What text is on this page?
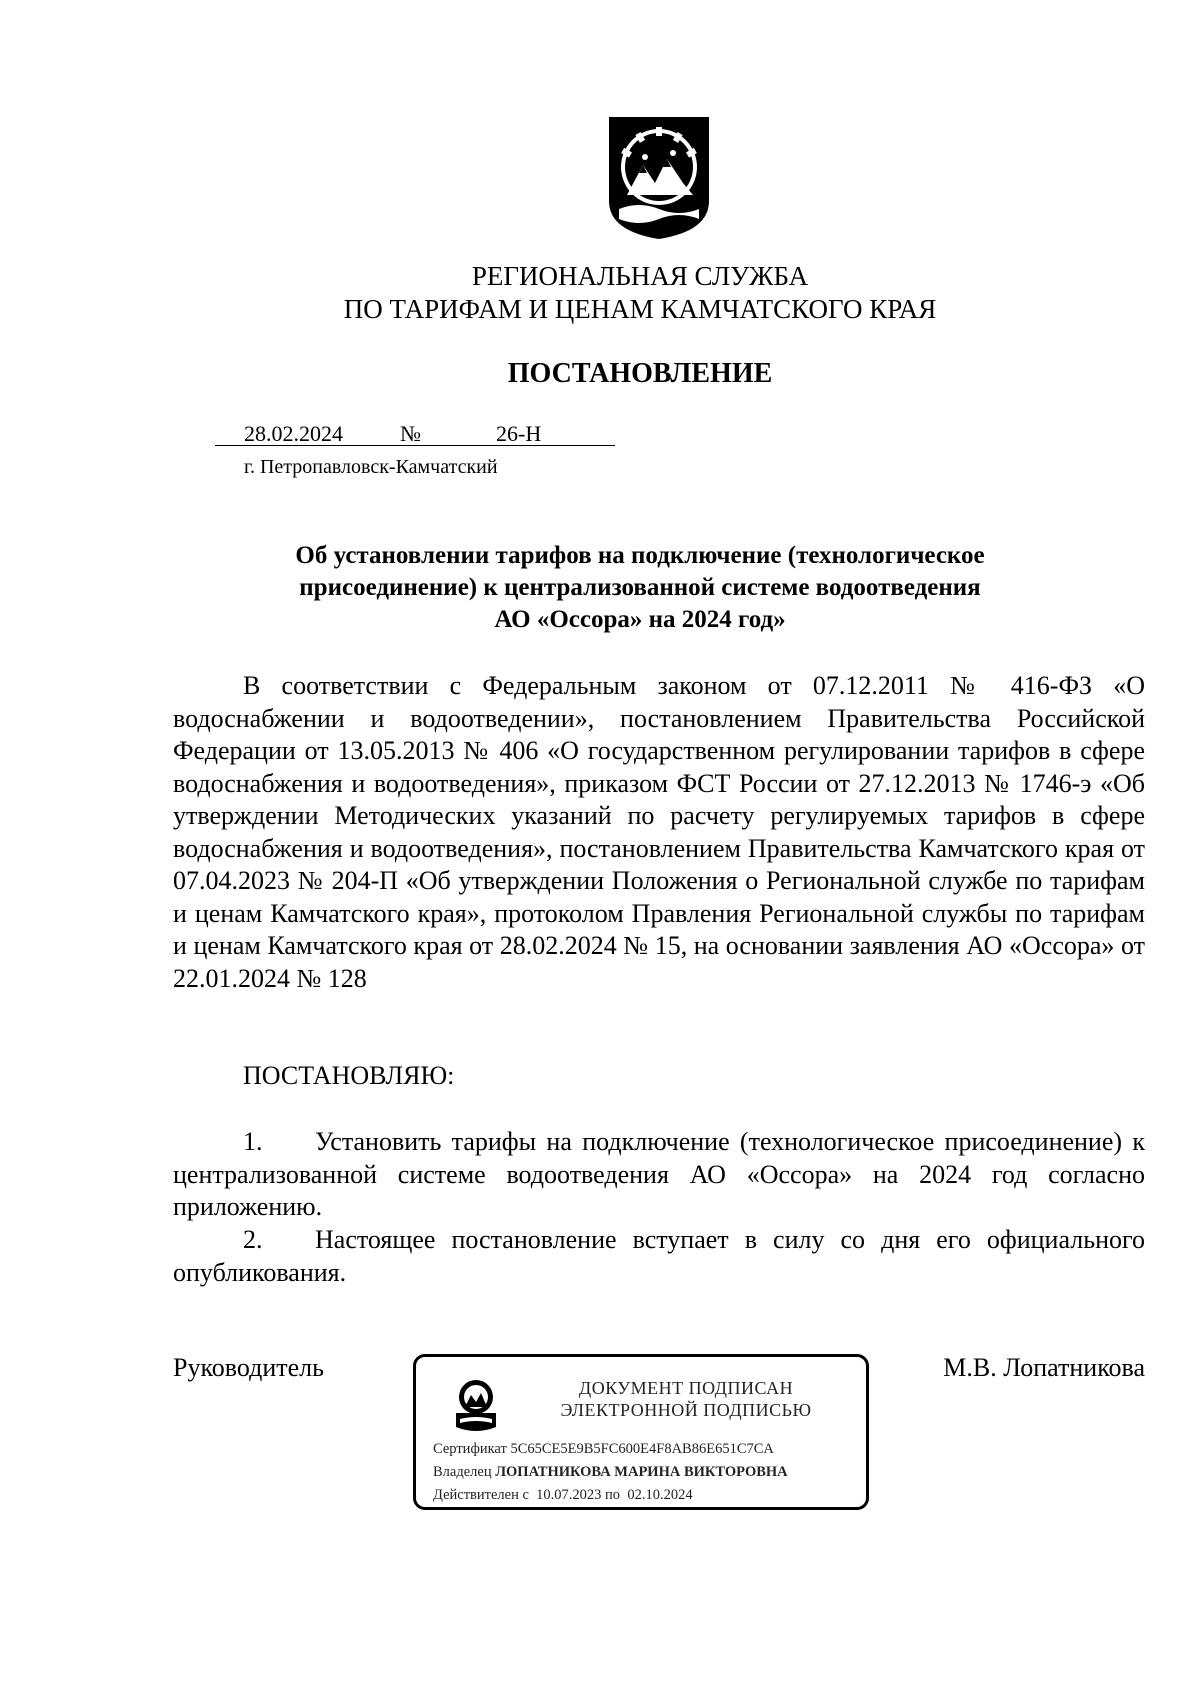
РЕГИОНАЛЬНАЯ СЛУЖБА
ПО ТАРИФАМ И ЦЕНАМ КАМЧАТСКОГО КРАЯ
ПОСТАНОВЛЕНИЕ
28.02.2024	№	26-Н
г. Петропавловск-Камчатский
Об установлении тарифов на подключение (технологическое
присоединение) к централизованной системе водоотведения
АО «Оссора» на 2024 год»
В соответствии с Федеральным законом от 07.12.2011 № 416-ФЗ «О водоснабжении и водоотведении», постановлением Правительства Российской Федерации от 13.05.2013 № 406 «О государственном регулировании тарифов в сфере водоснабжения и водоотведения», приказом ФСТ России от 27.12.2013 № 1746-э «Об утверждении Методических указаний по расчету регулируемых тарифов в сфере водоснабжения и водоотведения», постановлением Правительства Камчатского края от 07.04.2023 № 204-П «Об утверждении Положения о Региональной службе по тарифам и ценам Камчатского края», протоколом Правления Региональной службы по тарифам и ценам Камчатского края от 28.02.2024 № 15, на основании заявления АО «Оссора» от 22.01.2024 № 128
ПОСТАНОВЛЯЮ:
1. Установить тарифы на подключение (технологическое присоединение) к централизованной системе водоотведения АО «Оссора» на 2024 год согласно приложению.
2. Настоящее постановление вступает в силу со дня его официального опубликования.
Руководитель	М.В. Лопатникова
ДОКУМЕНТ ПОДПИСАН
ЭЛЕКТРОННОЙ ПОДПИСЬЮ
Сертификат 5C65CE5E9B5FC600E4F8AB86E651C7CA
Владелец ЛОПАТНИКОВА МАРИНА ВИКТОРОВНА
Действителен с 10.07.2023 по 02.10.2024
